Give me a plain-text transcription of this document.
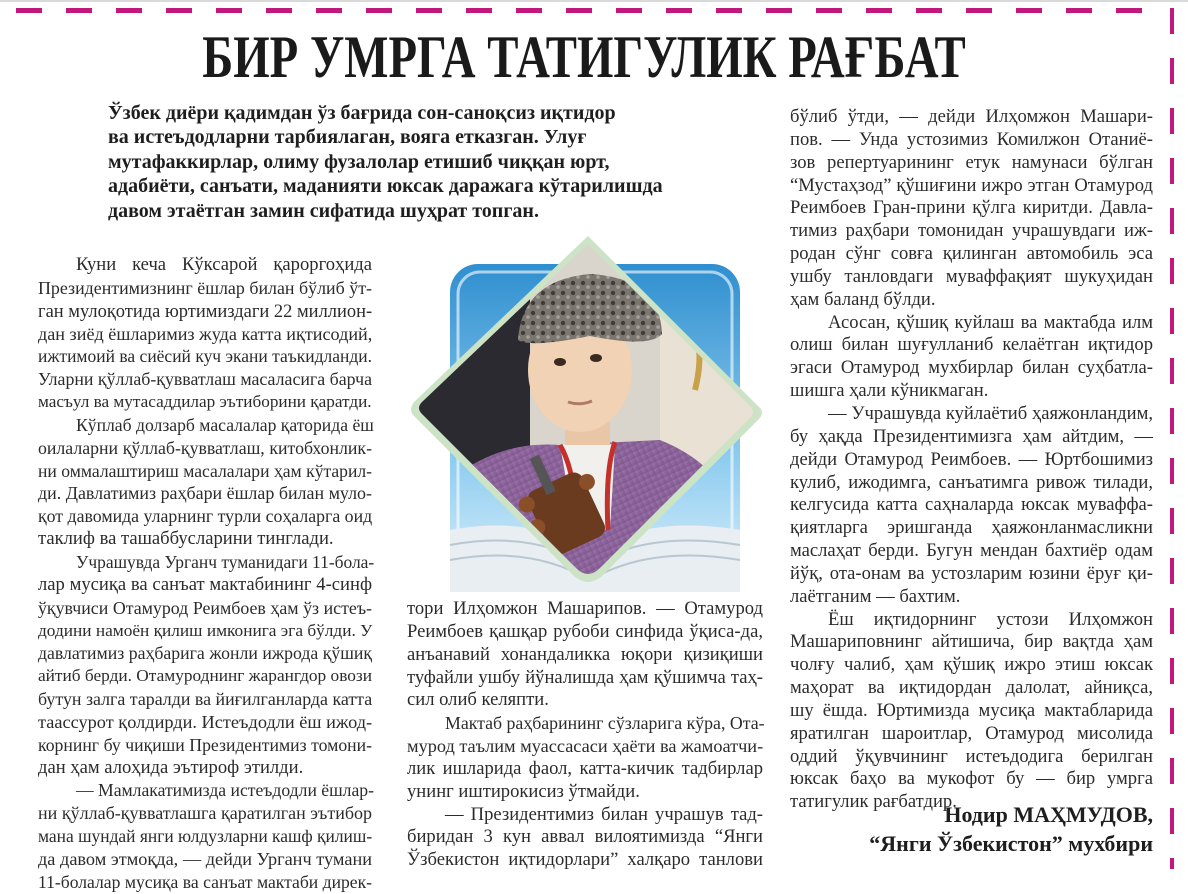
БИР УМРГА ТАТИГУЛИК РАҒБАТ

Ўзбек диёри қадимдан ўз бағрида сон-саноқсиз иқтидор

ва истеъдодларни тарбиялаган, вояга етказган. Улуғ

мутафаккирлар, олиму фузалолар етишиб чиққан юрт,

адабиёти, санъати, маданияти юксак даражага кўтарилишда

давом этаётган замин сифатида шуҳрат топган.

Куни кеча Кўксарой қароргоҳида
Президентимизнинг ёшлар билан бўлиб ўт-
ган мулоқотида юртимиздаги 22 миллион-
дан зиёд ёшларимиз жуда катта иқтисодий,
ижтимоий ва сиёсий куч экани таъкидланди.
Уларни қўллаб-қувватлаш масаласига барча
масъул ва мутасаддилар эътиборини қаратди.
Кўплаб долзарб масалалар қаторида ёш
оилаларни қўллаб-қувватлаш, китобхонлик-
ни оммалаштириш масалалари ҳам кўтарил-
ди. Давлатимиз раҳбари ёшлар билан муло-
қот давомида уларнинг турли соҳаларга оид
таклиф ва ташаббусларини тинглади.
Учрашувда Урганч туманидаги 11-бола-
лар мусиқа ва санъат мактабининг 4-синф
ўқувчиси Отамурод Реимбоев ҳам ўз истеъ-
додини намоён қилиш имконига эга бўлди. У
давлатимиз раҳбарига жонли ижрода қўшиқ
айтиб берди. Отамуроднинг жарангдор овози
бутун залга таралди ва йиғилганларда катта
таассурот қолдирди. Истеъдодли ёш ижод-
корнинг бу чиқиши Президентимиз томони-
дан ҳам алоҳида эътироф этилди.
— Мамлакатимизда истеъдодли ёшлар-
ни қўллаб-қувватлашга қаратилган эътибор
мана шундай янги юлдузларни кашф қилиш-
да давом этмоқда, — дейди Урганч тумани
11-болалар мусиқа ва санъат мактаби дирек-
тори Илҳомжон Машарипов. — Отамурод
Реимбоев қашқар рубоби синфида ўқиса-да,
анъанавий хонандаликка юқори қизиқиши
туфайли ушбу йўналишда ҳам қўшимча таҳ-
сил олиб келяпти.
Мактаб раҳбарининг сўзларига кўра, Ота-
мурод таълим муассасаси ҳаёти ва жамоатчи-
лик ишларида фаол, катта-кичик тадбирлар
унинг иштирокисиз ўтмайди.
— Президентимиз билан учрашув тад-
биридан 3 кун аввал вилоятимизда “Янги
Ўзбекистон иқтидорлари” халқаро танлови
бўлиб ўтди, — дейди Илҳомжон Машари-
пов. — Унда устозимиз Комилжон Отаниё-
зов репертуарининг етук намунаси бўлган
“Мустаҳзод” қўшиғини ижро этган Отамурод
Реимбоев Гран-прини қўлга киритди. Давла-
тимиз раҳбари томонидан учрашувдаги иж-
родан сўнг совға қилинган автомобиль эса
ушбу танловдаги муваффақият шукуҳидан
ҳам баланд бўлди.
Асосан, қўшиқ куйлаш ва мактабда илм
олиш билан шуғулланиб келаётган иқтидор
эгаси Отамурод мухбирлар билан суҳбатла-
шишга ҳали кўникмаган.
— Учрашувда куйлаётиб ҳаяжонландим,
бу ҳақда Президентимизга ҳам айтдим, —
дейди Отамурод Реимбоев. — Юртбошимиз
кулиб, ижодимга, санъатимга ривож тилади,
келгусида катта саҳналарда юксак муваффа-
қиятларга эришганда ҳаяжонланмасликни
маслаҳат берди. Бугун мендан бахтиёр одам
йўқ, ота-онам ва устозларим юзини ёруғ қи-
лаётганим — бахтим.
Ёш иқтидорнинг устози Илҳомжон
Машариповнинг айтишича, бир вақтда ҳам
чолғу чалиб, ҳам қўшиқ ижро этиш юксак
маҳорат ва иқтидордан далолат, айниқса,
шу ёшда. Юртимизда мусиқа мактабларида
яратилган шароитлар, Отамурод мисолида
оддий ўқувчининг истеъдодига берилган
юксак баҳо ва мукофот бу — бир умрга
татигулик рағбатдир.
Нодир МАҲМУДОВ,
“Янги Ўзбекистон” мухбири
